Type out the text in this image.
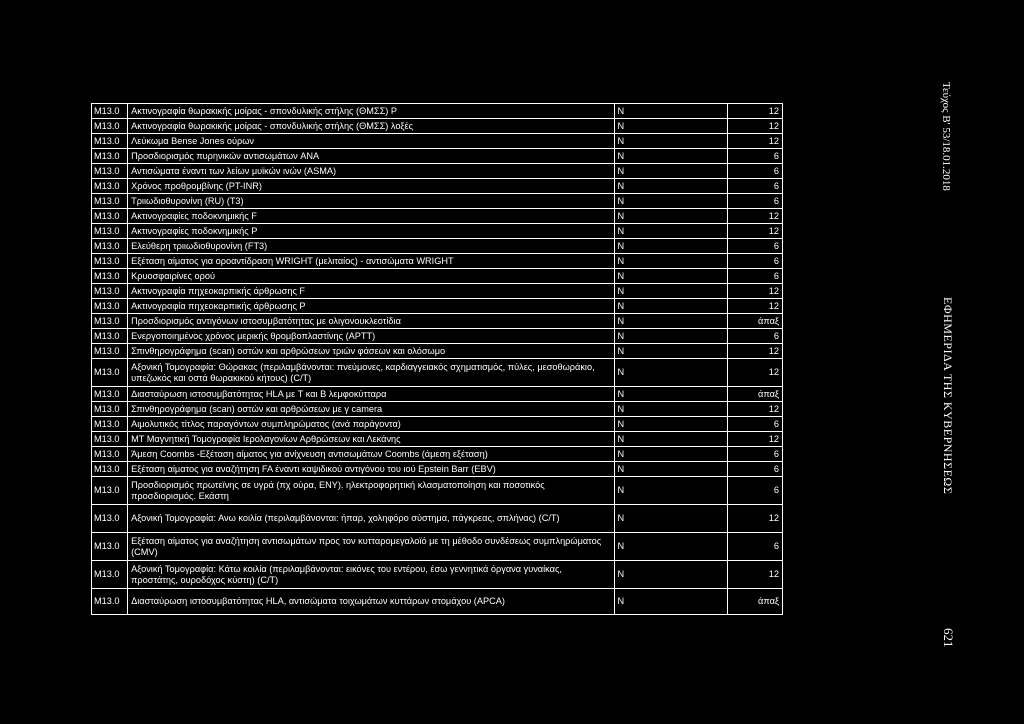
Μ13.0	Ακτινογραφία θωρακικής μοίρας - σπονδυλικής στήλης (ΘΜΣΣ) P	N	12
Μ13.0	Ακτινογραφία θωρακικής μοίρας - σπονδυλικής στήλης (ΘΜΣΣ) λοξές	N	12
Μ13.0	Λεύκωμα Bense Jones ούρων	N	12
Μ13.0	Προσδιορισμός πυρηνικών αντισωμάτων ANA	N	6
Μ13.0	Αντισώματα έναντι των λείων μυϊκών ινών (ASMA)	N	6
Μ13.0	Χρόνος προθρομβίνης (PT-INR)	N	6
Μ13.0	Τριιωδιοθυρονίνη (RU) (T3)	N	6
Μ13.0	Ακτινογραφίες ποδοκνημικής F	N	12
Μ13.0	Ακτινογραφίες ποδοκνημικής P	N	12
Μ13.0	Ελεύθερη τριιωδιοθυρονίνη (FT3)	N	6
Μ13.0	Εξέταση αίματος για οροαντίδραση WRIGHT (μελιταίος) - αντισώματα WRIGHT	N	6
Μ13.0	Κρυοσφαιρίνες ορού	N	6
Μ13.0	Ακτινογραφία πηχεοκαρπικής άρθρωσης F	N	12
Μ13.0	Ακτινογραφία πηχεοκαρπικής άρθρωσης P	N	12
Μ13.0	Προσδιορισμός αντιγόνων ιστοσυμβατότητας με ολιγονουκλεοτίδια	N	άπαξ
Μ13.0	Ενεργοποιημένος χρόνος μερικής θρομβοπλαστίνης (APTT)	N	6
Μ13.0	Σπινθηρογράφημα (scan) οστών και αρθρώσεων τριών φάσεων και ολόσωμο	N	12
Μ13.0	Αξονική Τομογραφία: Θώρακας (περιλαμβάνονται: πνεύμονες, καρδιαγγειακός σχηματισμός, πύλες, μεσοθωράκιο, υπεζωκός και οστά θωρακικού κήτους) (C/T)	N	12
Μ13.0	Διασταύρωση ιστοσυμβατότητας HLA με T και B λεμφοκύτταρα	N	άπαξ
Μ13.0	Σπινθηρογράφημα (scan) οστών και αρθρώσεων με γ camera	N	12
Μ13.0	Αιμολυτικός τίτλος παραγόντων συμπληρώματος (ανά παράγοντα)	N	6
Μ13.0	MT Μαγνητική Τομογραφία Ιερολαγονίων Αρθρώσεων και Λεκάνης	N	12
Μ13.0	Άμεση Coombs -Εξέταση αίματος για ανίχνευση αντισωμάτων Coombs (άμεση εξέταση)	N	6
Μ13.0	Εξέταση αίματος για αναζήτηση FA έναντι καψιδικού αντιγόνου του ιού Epstein Barr (EBV)	N	6
Μ13.0	Προσδιορισμός πρωτεϊνης σε υγρά (πχ ούρα, ENY). ηλεκτροφορητική κλασματοποίηση και ποσοτικός προσδιορισμός. Εκάστη	N	6
Μ13.0	Αξονική Τομογραφία: Ανω κοιλία (περιλαμβάνονται: ήπαρ, χοληφόρο σύστημα, πάγκρεας, σπλήνας) (C/T)	N	12
Μ13.0	Εξέταση αίματος για αναζήτηση αντισωμάτων προς τον κυτταρομεγαλοϊό με τη μέθοδο συνδέσεως συμπληρώματος (CMV)	N	6
Μ13.0	Αξονική Τομογραφία: Κάτω κοιλία (περιλαμβάνονται: εικόνες του εντέρου, έσω γεννητικά όργανα γυναίκας, προστάτης, ουροδόχος κύστη) (C/T)	N	12
Μ13.0	Διασταύρωση ιστοσυμβατότητας HLA, αντισώματα τοιχωμάτων κυττάρων στομάχου (APCA)	N	άπαξ
Τεύχος Β' 53/18.01.2018
ΕΦΗΜΕΡΙΔΑ ΤΗΣ ΚΥΒΕΡΝΗΣΕΩΣ
621
